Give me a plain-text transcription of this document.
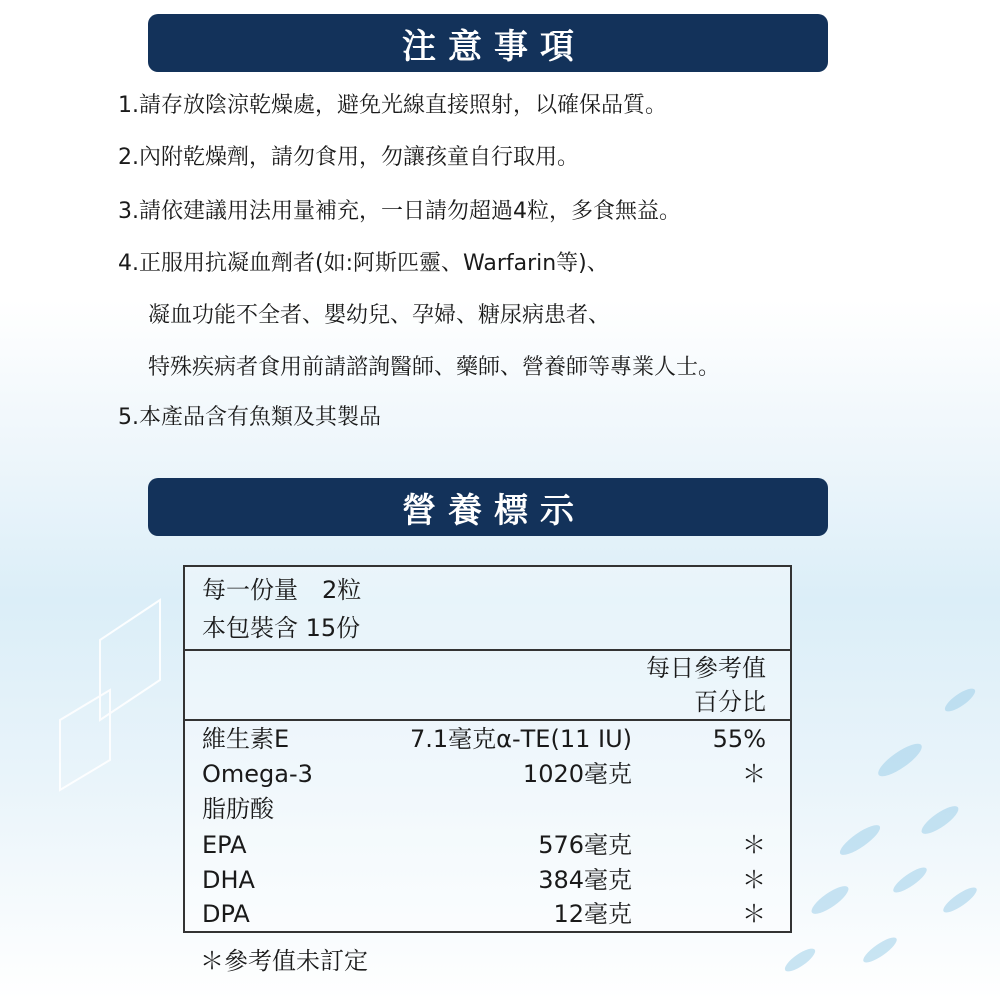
注意事項
1.請存放陰涼乾燥處，避免光線直接照射，以確保品質。
2.內附乾燥劑，請勿食用，勿讓孩童自行取用。
3.請依建議用法用量補充，一日請勿超過4粒，多食無益。
4.正服用抗凝血劑者(如:阿斯匹靈、Warfarin等)、
凝血功能不全者、嬰幼兒、孕婦、糖尿病患者、
特殊疾病者食用前請諮詢醫師、藥師、營養師等專業人士。
5.本產品含有魚類及其製品
營養標示
每一份量　2粒
本包裝含 15份
每日參考值
百分比
維生素E	7.1毫克α-TE(11 IU)	55%
Omega-3	1020毫克	＊
脂肪酸
EPA	576毫克	＊
DHA	384毫克	＊
DPA	12毫克	＊
＊參考值未訂定
